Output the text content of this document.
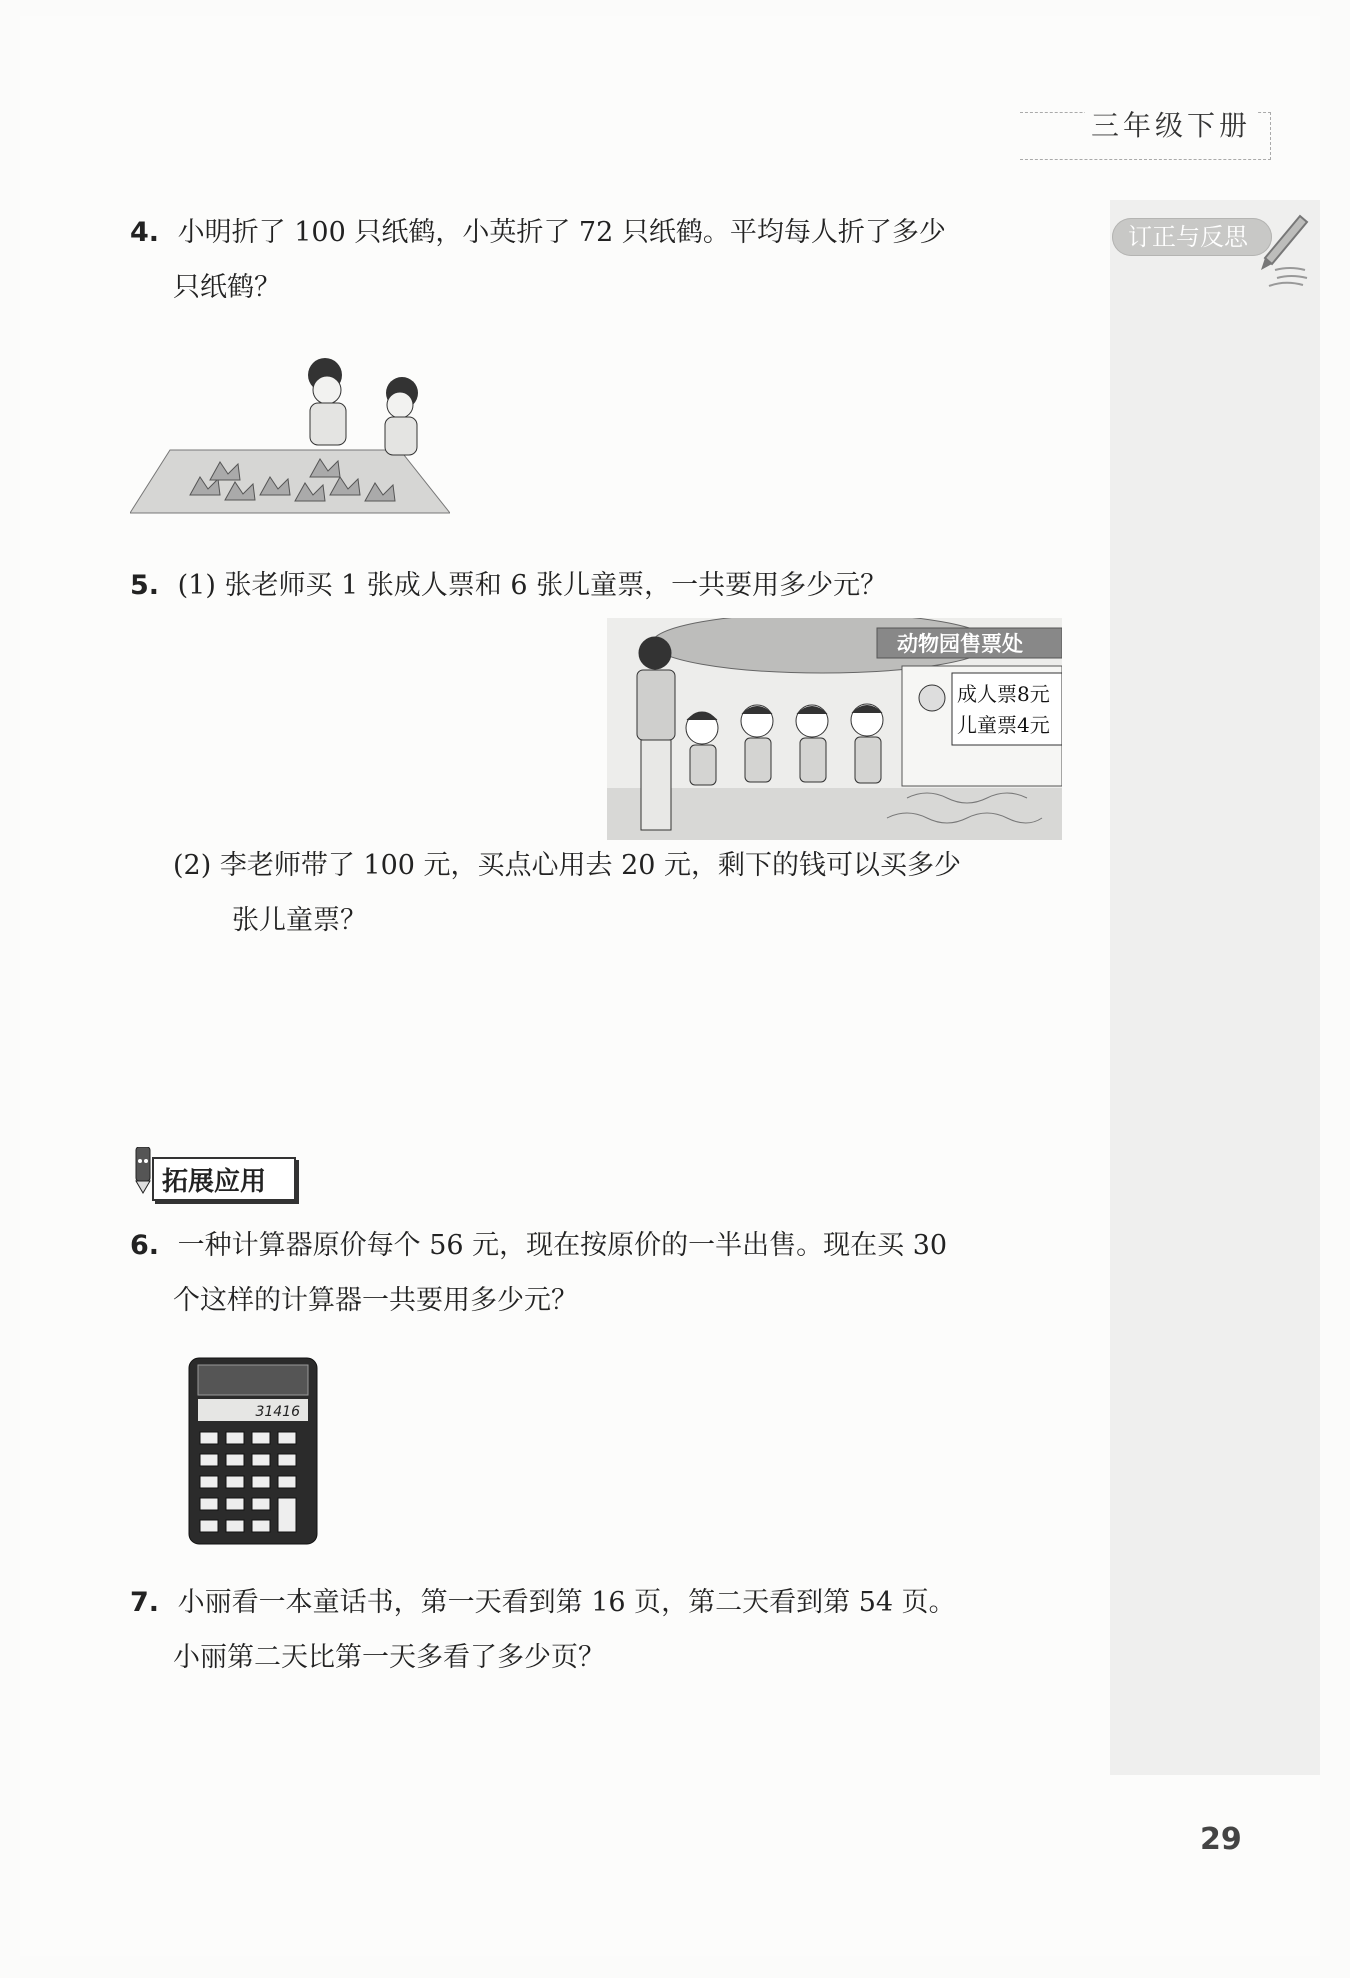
三年级下册
订正与反思
4. 小明折了 100 只纸鹤，小英折了 72 只纸鹤。平均每人折了多少
只纸鹤？
5. (1) 张老师买 1 张成人票和 6 张儿童票，一共要用多少元？
动物园售票处
成人票8元
儿童票4元
(2) 李老师带了 100 元，买点心用去 20 元，剩下的钱可以买多少
张儿童票？
拓展应用
6. 一种计算器原价每个 56 元，现在按原价的一半出售。现在买 30
个这样的计算器一共要用多少元？
31416
7. 小丽看一本童话书，第一天看到第 16 页，第二天看到第 54 页。
小丽第二天比第一天多看了多少页？
29
